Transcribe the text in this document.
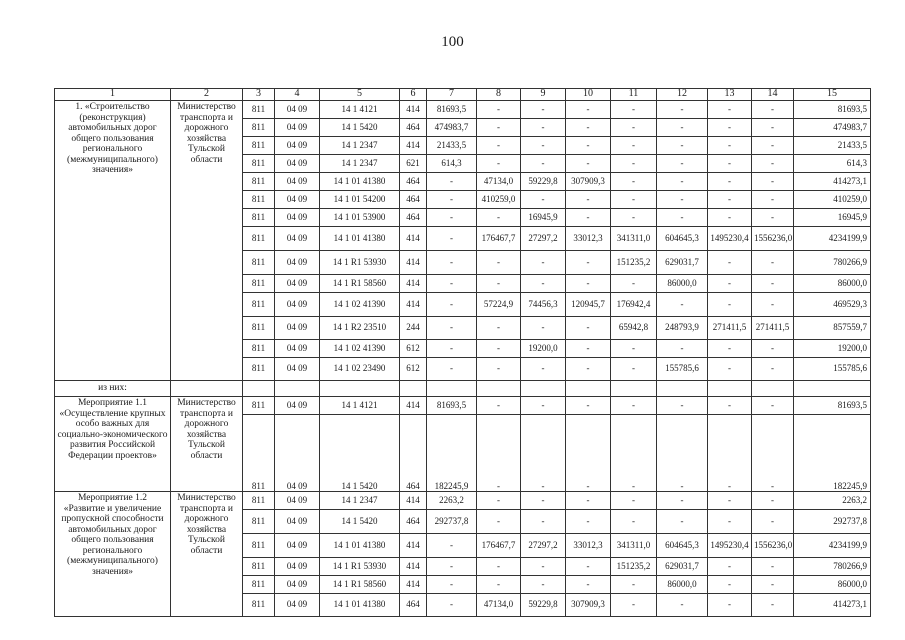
100
1	2	3	4	5	6	7	8	9	10	11	12	13	14	15
1. «Строительство (реконструкция) автомобильных дорог общего пользования регионального (межмуниципального) значения»	Министерство транспорта и дорожного хозяйства Тульской области	811	04 09	14 1 4121	414	81693,5	-	-	-	-	-	-	-	81693,5
		811	04 09	14 1 5420	464	474983,7	-	-	-	-	-	-	-	474983,7
		811	04 09	14 1 2347	414	21433,5	-	-	-	-	-	-	-	21433,5
		811	04 09	14 1 2347	621	614,3	-	-	-	-	-	-	-	614,3
		811	04 09	14 1 01 41380	464	-	47134,0	59229,8	307909,3	-	-	-	-	414273,1
		811	04 09	14 1 01 54200	464	-	410259,0	-	-	-	-	-	-	410259,0
		811	04 09	14 1 01 53900	464	-	-	16945,9	-	-	-	-	-	16945,9
		811	04 09	14 1 01 41380	414	-	176467,7	27297,2	33012,3	341311,0	604645,3	1495230,4	1556236,0	4234199,9
		811	04 09	14 1 R1 53930	414	-	-	-	-	151235,2	629031,7	-	-	780266,9
		811	04 09	14 1 R1 58560	414	-	-	-	-	-	86000,0	-	-	86000,0
		811	04 09	14 1 02 41390	414	-	57224,9	74456,3	120945,7	176942,4	-	-	-	469529,3
		811	04 09	14 1 R2 23510	244	-	-	-	-	65942,8	248793,9	271411,5	271411,5	857559,7
		811	04 09	14 1 02 41390	612	-	-	19200,0	-	-	-	-	-	19200,0
		811	04 09	14 1 02 23490	612	-	-	-	-	-	155785,6	-	-	155785,6
из них:														
Мероприятие 1.1 «Осуществление крупных особо важных для социально-экономического развития Российской Федерации проектов»	Министерство транспорта и дорожного хозяйства Тульской области	811	04 09	14 1 4121	414	81693,5	-	-	-	-	-	-	-	81693,5
		811	04 09	14 1 5420	464	182245,9	-	-	-	-	-	-	-	182245,9
Мероприятие 1.2 «Развитие и увеличение пропускной способности автомобильных дорог общего пользования регионального (межмуниципального) значения»	Министерство транспорта и дорожного хозяйства Тульской области	811	04 09	14 1 2347	414	2263,2	-	-	-	-	-	-	-	2263,2
		811	04 09	14 1 5420	464	292737,8	-	-	-	-	-	-	-	292737,8
		811	04 09	14 1 01 41380	414	-	176467,7	27297,2	33012,3	341311,0	604645,3	1495230,4	1556236,0	4234199,9
		811	04 09	14 1 R1 53930	414	-	-	-	-	151235,2	629031,7	-	-	780266,9
		811	04 09	14 1 R1 58560	414	-	-	-	-	-	86000,0	-	-	86000,0
		811	04 09	14 1 01 41380	464	-	47134,0	59229,8	307909,3	-	-	-	-	414273,1
